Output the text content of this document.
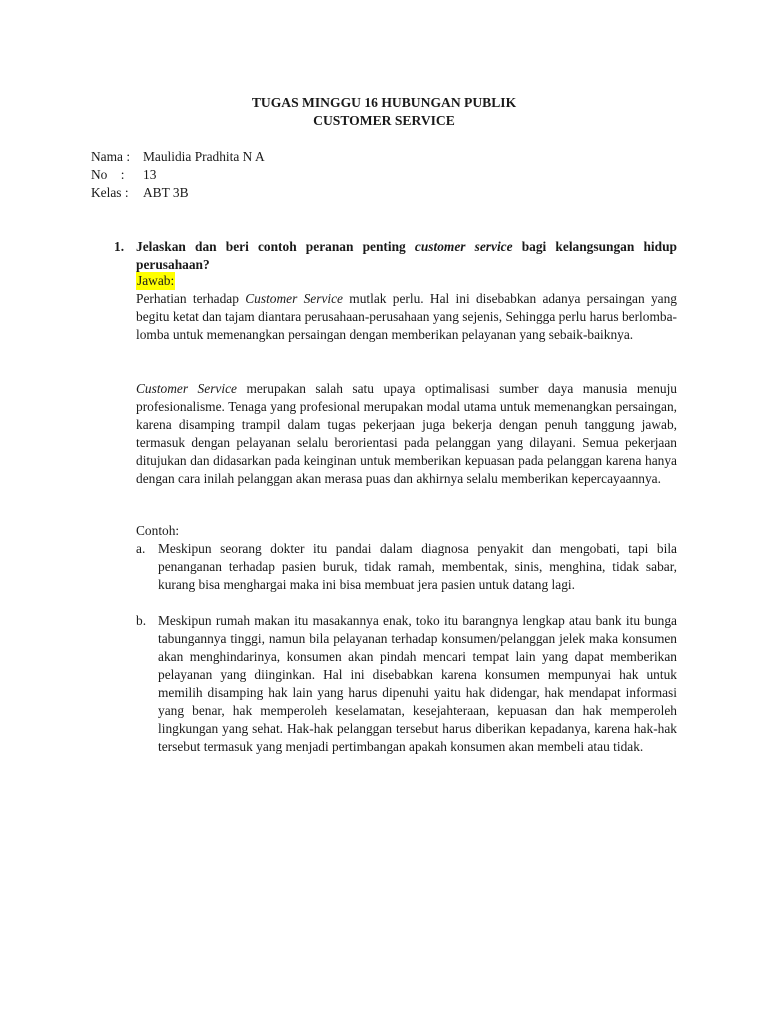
TUGAS MINGGU 16 HUBUNGAN PUBLIK
CUSTOMER SERVICE
Nama : Maulidia Pradhita N A
No    : 13
Kelas : ABT 3B
1. Jelaskan dan beri contoh peranan penting customer service bagi kelangsungan hidup perusahaan?
Jawab:
Perhatian terhadap Customer Service mutlak perlu. Hal ini disebabkan adanya persaingan yang begitu ketat dan tajam diantara perusahaan-perusahaan yang sejenis, Sehingga perlu harus berlomba-lomba untuk memenangkan persaingan dengan memberikan pelayanan yang sebaik-baiknya.
Customer Service merupakan salah satu upaya optimalisasi sumber daya manusia menuju profesionalisme. Tenaga yang profesional merupakan modal utama untuk memenangkan persaingan, karena disamping trampil dalam tugas pekerjaan juga bekerja dengan penuh tanggung jawab, termasuk dengan pelayanan selalu berorientasi pada pelanggan yang dilayani. Semua pekerjaan ditujukan dan didasarkan pada keinginan untuk memberikan kepuasan pada pelanggan karena hanya dengan cara inilah pelanggan akan merasa puas dan akhirnya selalu memberikan kepercayaannya.
Contoh:
a. Meskipun seorang dokter itu pandai dalam diagnosa penyakit dan mengobati, tapi bila penanganan terhadap pasien buruk, tidak ramah, membentak, sinis, menghina, tidak sabar, kurang bisa menghargai maka ini bisa membuat jera pasien untuk datang lagi.
b. Meskipun rumah makan itu masakannya enak, toko itu barangnya lengkap atau bank itu bunga tabungannya tinggi, namun bila pelayanan terhadap konsumen/pelanggan jelek maka konsumen akan menghindarinya, konsumen akan pindah mencari tempat lain yang dapat memberikan pelayanan yang diinginkan. Hal ini disebabkan karena konsumen mempunyai hak untuk memilih disamping hak lain yang harus dipenuhi yaitu hak didengar, hak mendapat informasi yang benar, hak memperoleh keselamatan, kesejahteraan, kepuasan dan hak memperoleh lingkungan yang sehat. Hak-hak pelanggan tersebut harus diberikan kepadanya, karena hak-hak tersebut termasuk yang menjadi pertimbangan apakah konsumen akan membeli atau tidak.
